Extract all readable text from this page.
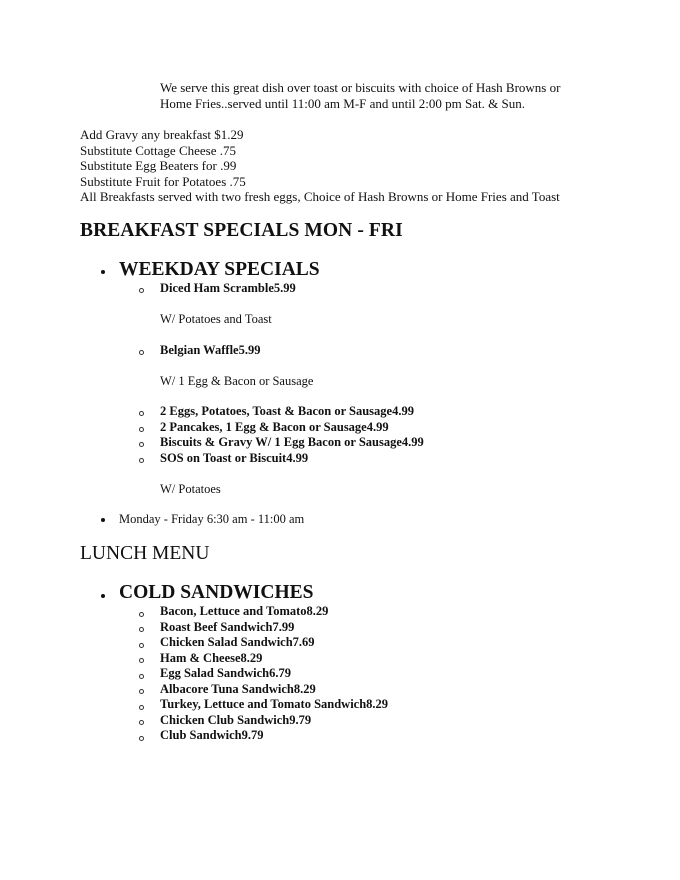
We serve this great dish over toast or biscuits with choice of Hash Browns or
Home Fries..served until 11:00 am M-F and until 2:00 pm Sat. & Sun.
Add Gravy any breakfast $1.29
Substitute Cottage Cheese .75
Substitute Egg Beaters for .99
Substitute Fruit for Potatoes .75
All Breakfasts served with two fresh eggs, Choice of Hash Browns or Home Fries and Toast
BREAKFAST SPECIALS MON - FRI
WEEKDAY SPECIALS
Diced Ham Scramble5.99
W/ Potatoes and Toast
Belgian Waffle5.99
W/ 1 Egg & Bacon or Sausage
2 Eggs, Potatoes, Toast & Bacon or Sausage4.99
2 Pancakes, 1 Egg & Bacon or Sausage4.99
Biscuits & Gravy W/ 1 Egg Bacon or Sausage4.99
SOS on Toast or Biscuit4.99
W/ Potatoes
Monday - Friday 6:30 am - 11:00 am
LUNCH MENU
COLD SANDWICHES
Bacon, Lettuce and Tomato8.29
Roast Beef Sandwich7.99
Chicken Salad Sandwich7.69
Ham & Cheese8.29
Egg Salad Sandwich6.79
Albacore Tuna Sandwich8.29
Turkey, Lettuce and Tomato Sandwich8.29
Chicken Club Sandwich9.79
Club Sandwich9.79
